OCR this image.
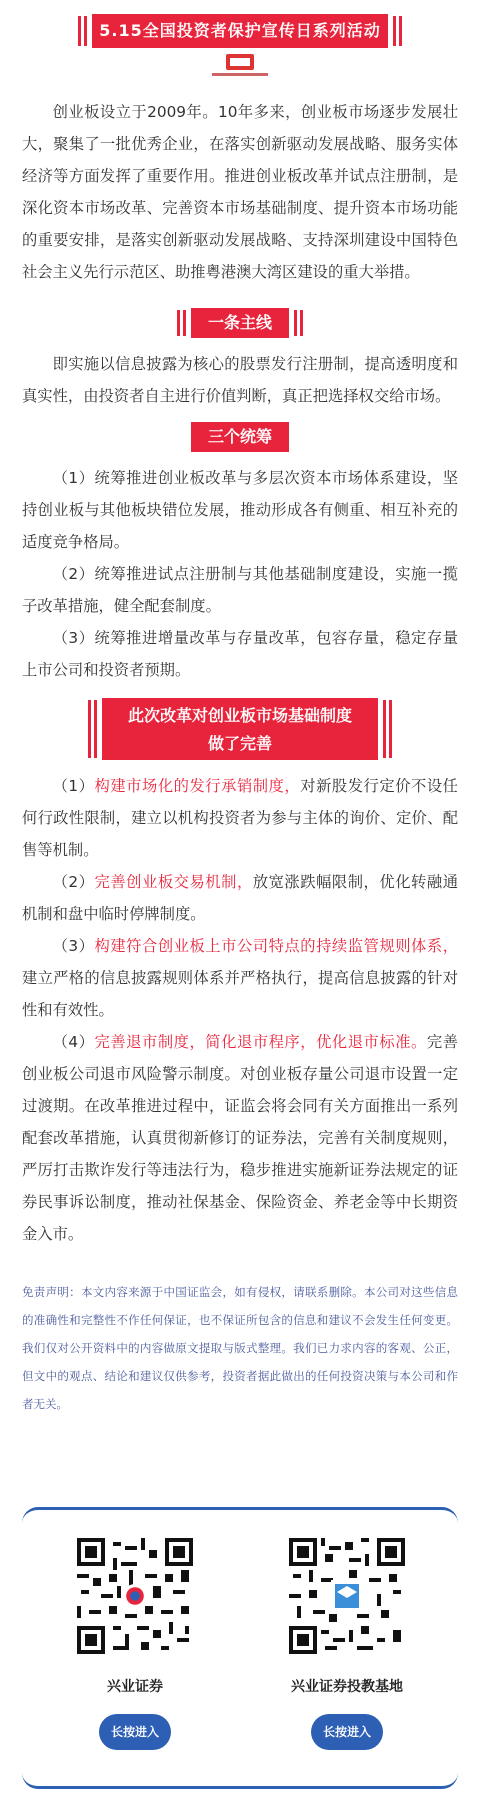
5.15全国投资者保护宣传日系列活动

创业板设立于2009年。10年多来，创业板市场逐步发展壮大，聚集了一批优秀企业，在落实创新驱动发展战略、服务实体经济等方面发挥了重要作用。推进创业板改革并试点注册制，是深化资本市场改革、完善资本市场基础制度、提升资本市场功能的重要安排，是落实创新驱动发展战略、支持深圳建设中国特色社会主义先行示范区、助推粤港澳大湾区建设的重大举措。

一条主线

即实施以信息披露为核心的股票发行注册制，提高透明度和真实性，由投资者自主进行价值判断，真正把选择权交给市场。

三个统筹

（1）统筹推进创业板改革与多层次资本市场体系建设，坚持创业板与其他板块错位发展，推动形成各有侧重、相互补充的适度竞争格局。

（2）统筹推进试点注册制与其他基础制度建设，实施一揽子改革措施，健全配套制度。

（3）统筹推进增量改革与存量改革，包容存量，稳定存量上市公司和投资者预期。

此次改革对创业板市场基础制度
做了完善

（1）构建市场化的发行承销制度，对新股发行定价不设任何行政性限制，建立以机构投资者为参与主体的询价、定价、配售等机制。

（2）完善创业板交易机制，放宽涨跌幅限制，优化转融通机制和盘中临时停牌制度。

（3）构建符合创业板上市公司特点的持续监管规则体系，建立严格的信息披露规则体系并严格执行，提高信息披露的针对性和有效性。

（4）完善退市制度，简化退市程序，优化退市标准。完善创业板公司退市风险警示制度。对创业板存量公司退市设置一定过渡期。在改革推进过程中，证监会将会同有关方面推出一系列配套改革措施，认真贯彻新修订的证券法，完善有关制度规则，严厉打击欺诈发行等违法行为，稳步推进实施新证券法规定的证券民事诉讼制度，推动社保基金、保险资金、养老金等中长期资金入市。

免责声明：本文内容来源于中国证监会，如有侵权，请联系删除。本公司对这些信息的准确性和完整性不作任何保证，也不保证所包含的信息和建议不会发生任何变更。我们仅对公开资料中的内容做原文提取与版式整理。我们已力求内容的客观、公正，但文中的观点、结论和建议仅供参考，投资者据此做出的任何投资决策与本公司和作者无关。
兴业证券
长按进入
兴业证券投教基地
长按进入
